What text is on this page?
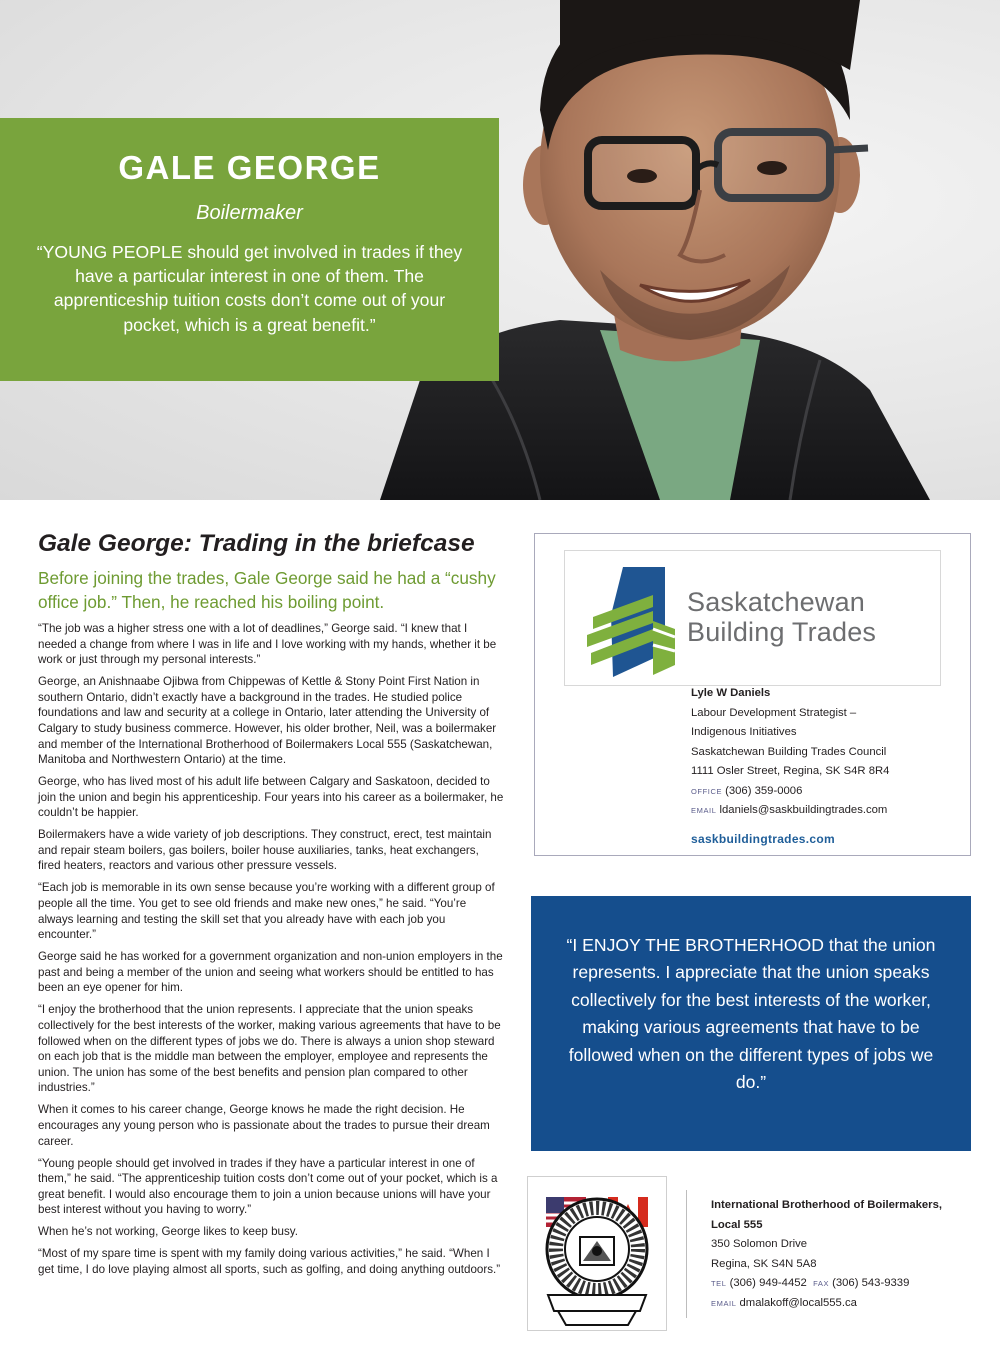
GALE GEORGE
Boilermaker
“YOUNG PEOPLE should get involved in trades if they have a particular interest in one of them. The apprenticeship tuition costs don’t come out of your pocket, which is a great benefit.”
Gale George: Trading in the briefcase
Before joining the trades, Gale George said he had a “cushy office job.” Then, he reached his boiling point.

“The job was a higher stress one with a lot of deadlines,” George said. “I knew that I needed a change from where I was in life and I love working with my hands, whether it be work or just through my personal interests.”

George, an Anishnaabe Ojibwa from Chippewas of Kettle & Stony Point First Nation in southern Ontario, didn’t exactly have a background in the trades. He studied police foundations and law and security at a college in Ontario, later attending the University of Calgary to study business commerce. However, his older brother, Neil, was a boilermaker and member of the International Brotherhood of Boilermakers Local 555 (Saskatchewan, Manitoba and Northwestern Ontario) at the time.

George, who has lived most of his adult life between Calgary and Saskatoon, decided to join the union and begin his apprenticeship. Four years into his career as a boilermaker, he couldn’t be happier.

Boilermakers have a wide variety of job descriptions. They construct, erect, test maintain and repair steam boilers, gas boilers, boiler house auxiliaries, tanks, heat exchangers, fired heaters, reactors and various other pressure vessels.

“Each job is memorable in its own sense because you’re working with a different group of people all the time. You get to see old friends and make new ones,” he said. “You’re always learning and testing the skill set that you already have with each job you encounter.”

George said he has worked for a government organization and non-union employers in the past and being a member of the union and seeing what workers should be entitled to has been an eye opener for him.

“I enjoy the brotherhood that the union represents. I appreciate that the union speaks collectively for the best interests of the worker, making various agreements that have to be followed when on the different types of jobs we do. There is always a union shop steward on each job that is the middle man between the employer, employee and represents the union. The union has some of the best benefits and pension plan compared to other industries.”

When it comes to his career change, George knows he made the right decision. He encourages any young person who is passionate about the trades to pursue their dream career.

“Young people should get involved in trades if they have a particular interest in one of them,” he said. “The apprenticeship tuition costs don’t come out of your pocket, which is a great benefit. I would also encourage them to join a union because unions will have your best interest without you having to worry.”

When he’s not working, George likes to keep busy.

“Most of my spare time is spent with my family doing various activities,” he said. “When I get time, I do love playing almost all sports, such as golfing, and doing anything outdoors.”

Saskatchewan
Building Trades
Lyle W Daniels
Labour Development Strategist –
Indigenous Initiatives
Saskatchewan Building Trades Council
1111 Osler Street, Regina, SK S4R 8R4
OFFICE (306) 359-0006
EMAIL ldaniels@saskbuildingtrades.com
saskbuildingtrades.com

“I ENJOY THE BROTHERHOOD that the union represents. I appreciate that the union speaks collectively for the best interests of the worker, making various agreements that have to be followed when on the different types of jobs we do.”

International Brotherhood of Boilermakers,
Local 555
350 Solomon Drive
Regina, SK S4N 5A8
TEL (306) 949-4452 FAX (306) 543-9339
EMAIL dmalakoff@local555.ca
